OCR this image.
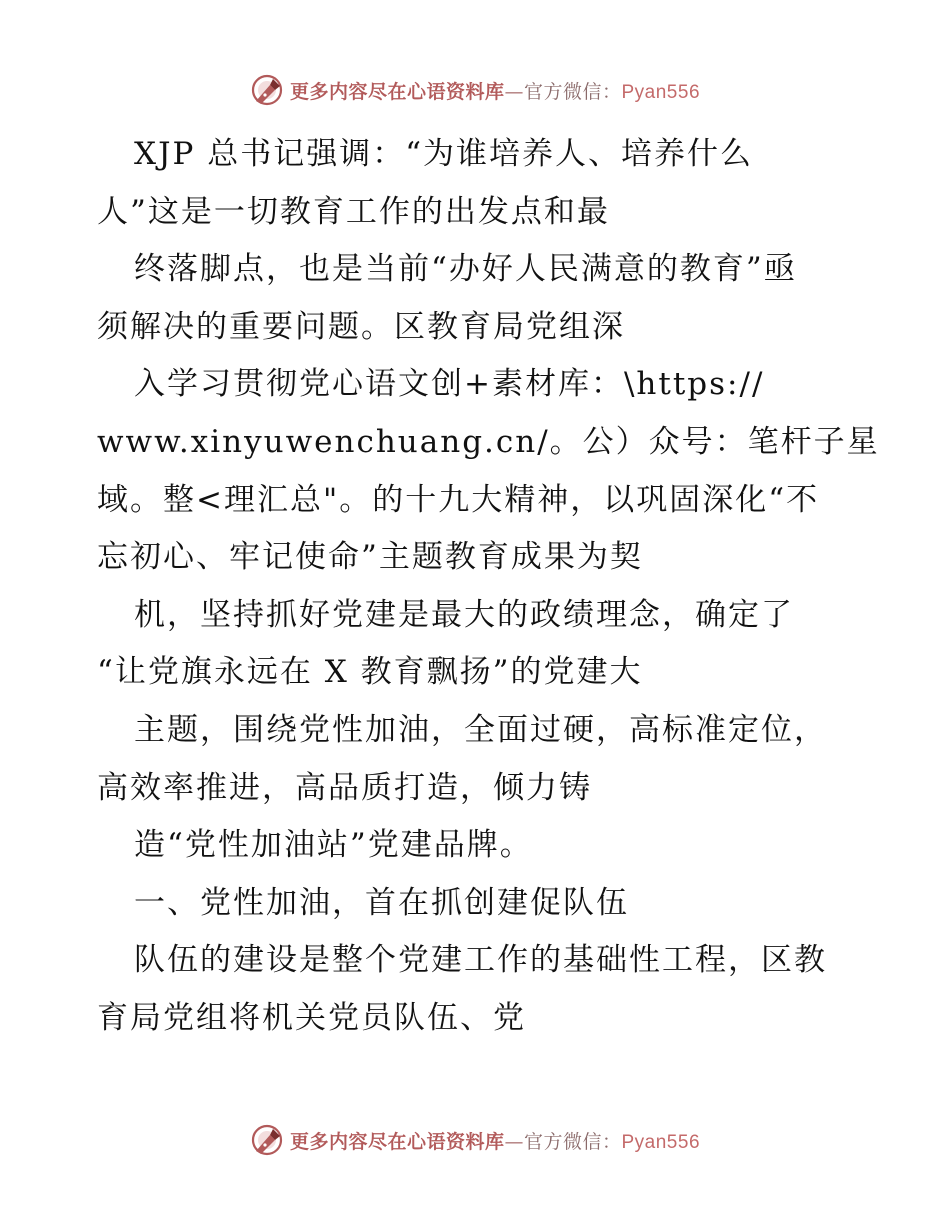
更多内容尽在心语资料库—官方微信：Pyan556
XJP 总书记强调：“为谁培养人、培养什么
人”这是一切教育工作的出发点和最
终落脚点，也是当前“办好人民满意的教育”亟
须解决的重要问题。区教育局党组深
入学习贯彻党心语文创+素材库：\https://
www.xinyuwenchuang.cn/。公）众号：笔杆子星
域。整<理汇总"。的十九大精神，以巩固深化“不
忘初心、牢记使命”主题教育成果为契
机，坚持抓好党建是最大的政绩理念，确定了
“让党旗永远在 X 教育飘扬”的党建大
主题，围绕党性加油，全面过硬，高标准定位，
高效率推进，高品质打造，倾力铸
造“党性加油站”党建品牌。
一、党性加油，首在抓创建促队伍
队伍的建设是整个党建工作的基础性工程，区教
育局党组将机关党员队伍、党
更多内容尽在心语资料库—官方微信：Pyan556
